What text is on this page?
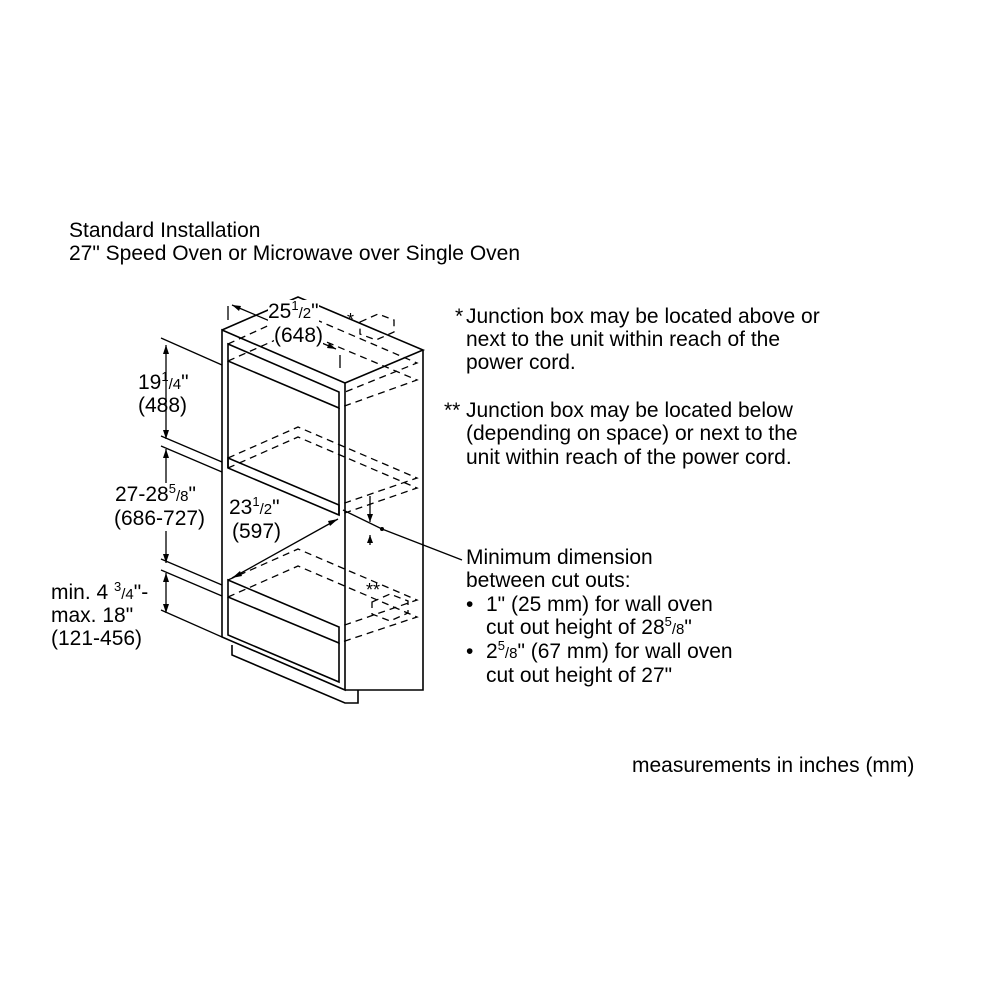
Standard Installation
27" Speed Oven or Microwave over Single Oven
$25^1/2$"
(648)
$19^1/4$"
(488)
$27-28^5/8$"
(686-727) $23^1/2$"
(597)
min. 4 $^3$/4"-
max. 18"
(121-456)
*
**
* Junction box may be located above or
next to the unit within reach of the
power cord.
** Junction box may be located below
(depending on space) or next to the
unit within reach of the power cord.
Minimum dimension
between cut outs:
• 1" (25 mm) for wall oven
cut out height of $28^5/8$"
• $2^5/8$" (67 mm) for wall oven
cut out height of 27"
measurements in inches (mm)
